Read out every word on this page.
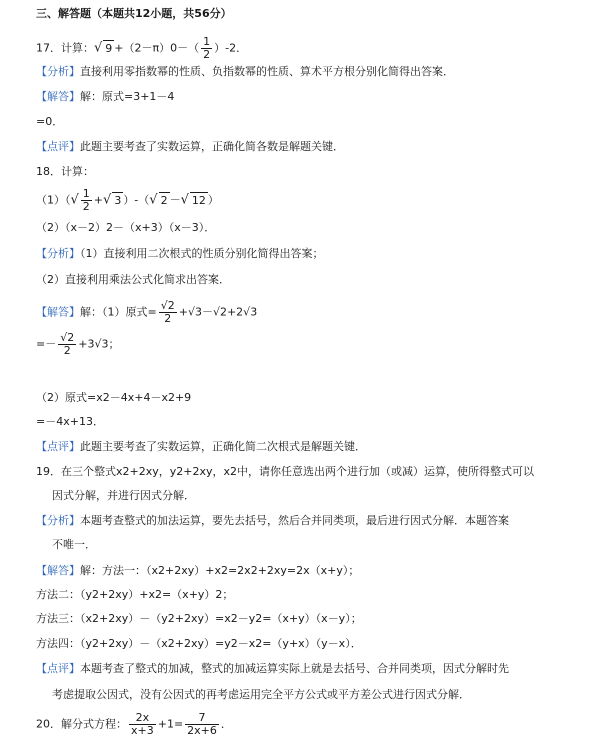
三、解答题（本题共12小题，共56分）
17．计算：√ $9 +(2-\pi)0-( \frac{1}{2} )-2$．
【分析】直接利用零指数幂的性质、负指数幂的性质、算术平方根分别化简得出答案．
【解答】解：原式=3+1－4
=0．
【点评】此题主要考查了实数运算，正确化简各数是解题关键．
18．计算：
$(1)(√ \frac{1}{2}$ +√ 3 ）-（√ 2 －√ 12 ）
（2）（x－2）2－（x+3）（x－3）．
【分析】（1）直接利用二次根式的性质分别化简得出答案；
（2）直接利用乘法公式化简求出答案．
【解答】解：（1）原式= $\frac{√2}{2} +√3-√2+2√3$
=－ $\frac{√2}{2} +3√3$；
（2）原式=x2－4x+4－x2+9
=－4x+13．
【点评】此题主要考查了实数运算，正确化简二次根式是解题关键．
19．在三个整式x2+2xy，y2+2xy，x2中，请你任意选出两个进行加（或减）运算，使所得整式可以
因式分解，并进行因式分解．
【分析】本题考查整式的加法运算，要先去括号，然后合并同类项，最后进行因式分解．本题答案
不唯一．
【解答】解：方法一：（x2+2xy）+x2=2x2+2xy=2x（x+y）；
方法二：（y2+2xy）+x2=（x+y）2；
方法三：（x2+2xy）－（y2+2xy）=x2－y2=（x+y）（x－y）；
方法四：（y2+2xy）－（x2+2xy）=y2－x2=（y+x）（y－x）．
【点评】本题考查了整式的加减，整式的加减运算实际上就是去括号、合并同类项，因式分解时先
考虑提取公因式，没有公因式的再考虑运用完全平方公式或平方差公式进行因式分解．
20．解分式方程： $\frac{2x}{x+3} +1= \frac{7}{2x+6}$ ．
